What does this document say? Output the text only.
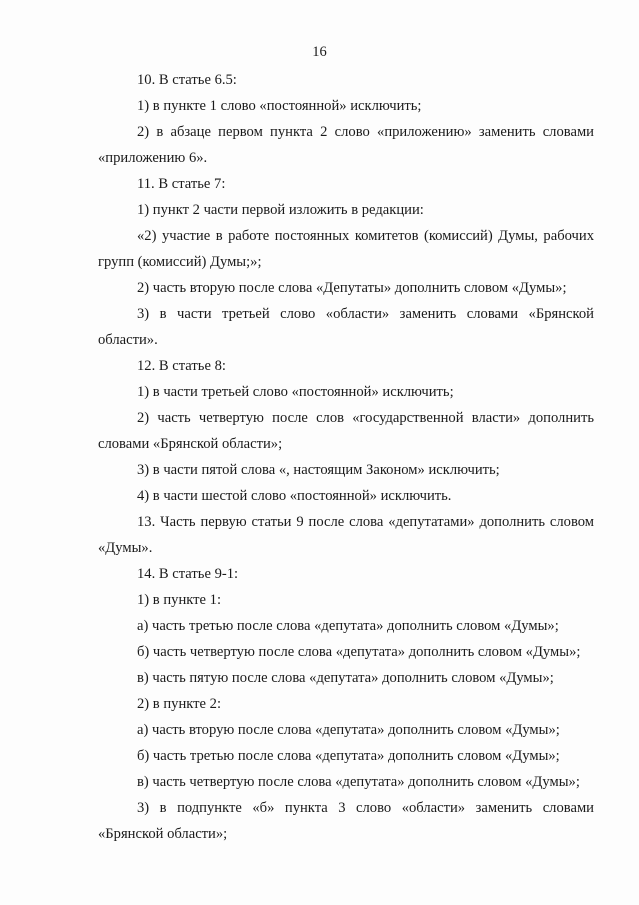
16
10. В статье 6.5:
1) в пункте 1 слово «постоянной» исключить;
2) в абзаце первом пункта 2 слово «приложению» заменить словами
«приложению 6».
11. В статье 7:
1) пункт 2 части первой изложить в редакции:
«2) участие в работе постоянных комитетов (комиссий) Думы, рабочих
групп (комиссий) Думы;»;
2) часть вторую после слова «Депутаты» дополнить словом «Думы»;
3) в части третьей слово «области» заменить словами «Брянской
области».
12. В статье 8:
1) в части третьей слово «постоянной» исключить;
2) часть четвертую после слов «государственной власти» дополнить
словами «Брянской области»;
3) в части пятой слова «, настоящим Законом» исключить;
4) в части шестой слово «постоянной» исключить.
13. Часть первую статьи 9 после слова «депутатами» дополнить словом
«Думы».
14. В статье 9-1:
1) в пункте 1:
а) часть третью после слова «депутата» дополнить словом «Думы»;
б) часть четвертую после слова «депутата» дополнить словом «Думы»;
в) часть пятую после слова «депутата» дополнить словом «Думы»;
2) в пункте 2:
а) часть вторую после слова «депутата» дополнить словом «Думы»;
б) часть третью после слова «депутата» дополнить словом «Думы»;
в) часть четвертую после слова «депутата» дополнить словом «Думы»;
3) в подпункте «б» пункта 3 слово «области» заменить словами
«Брянской области»;
